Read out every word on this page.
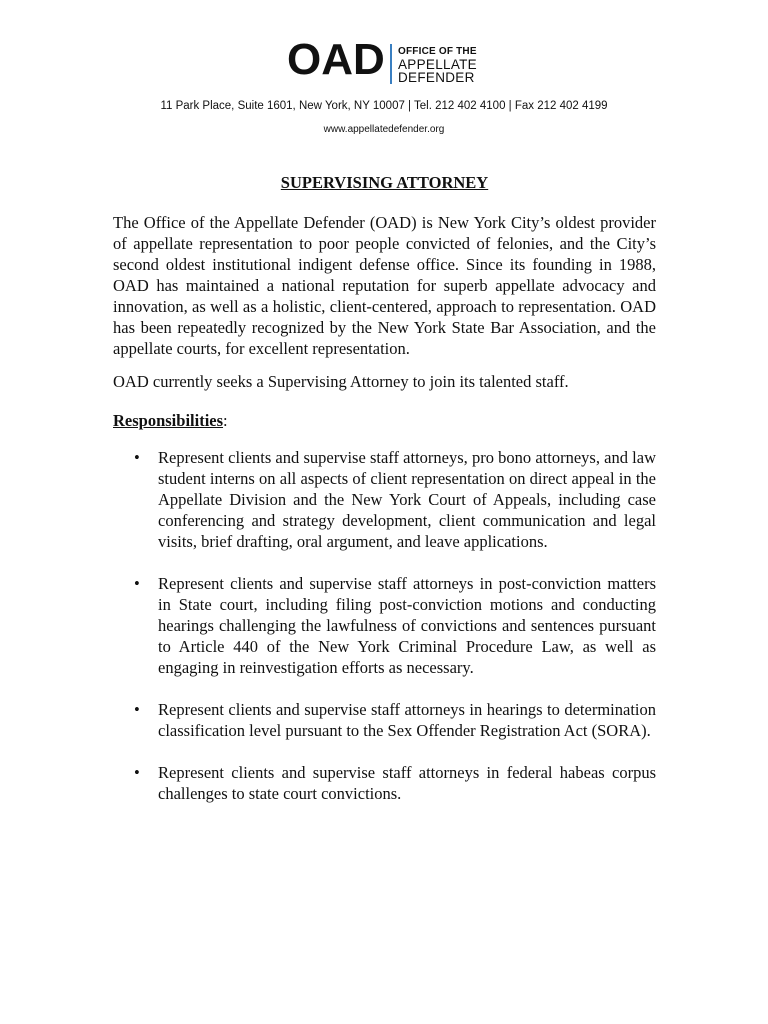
OAD OFFICE OF THE
APPELLATE
DEFENDER
11 Park Place, Suite 1601, New York, NY 10007 | Tel. 212 402 4100 | Fax 212 402 4199
www.appellatedefender.org
SUPERVISING ATTORNEY

The Office of the Appellate Defender (OAD) is New York City’s oldest provider of appellate representation to poor people convicted of felonies, and the City’s second oldest institutional indigent defense office. Since its founding in 1988, OAD has maintained a national reputation for superb appellate advocacy and innovation, as well as a holistic, client-centered, approach to representation. OAD has been repeatedly recognized by the New York State Bar Association, and the appellate courts, for excellent representation.

OAD currently seeks a Supervising Attorney to join its talented staff.

Responsibilities:
• Represent clients and supervise staff attorneys, pro bono attorneys, and law student interns on all aspects of client representation on direct appeal in the Appellate Division and the New York Court of Appeals, including case conferencing and strategy development, client communication and legal visits, brief drafting, oral argument, and leave applications.
• Represent clients and supervise staff attorneys in post-conviction matters in State court, including filing post-conviction motions and conducting hearings challenging the lawfulness of convictions and sentences pursuant to Article 440 of the New York Criminal Procedure Law, as well as engaging in reinvestigation efforts as necessary.
• Represent clients and supervise staff attorneys in hearings to determination classification level pursuant to the Sex Offender Registration Act (SORA).
• Represent clients and supervise staff attorneys in federal habeas corpus challenges to state court convictions.
